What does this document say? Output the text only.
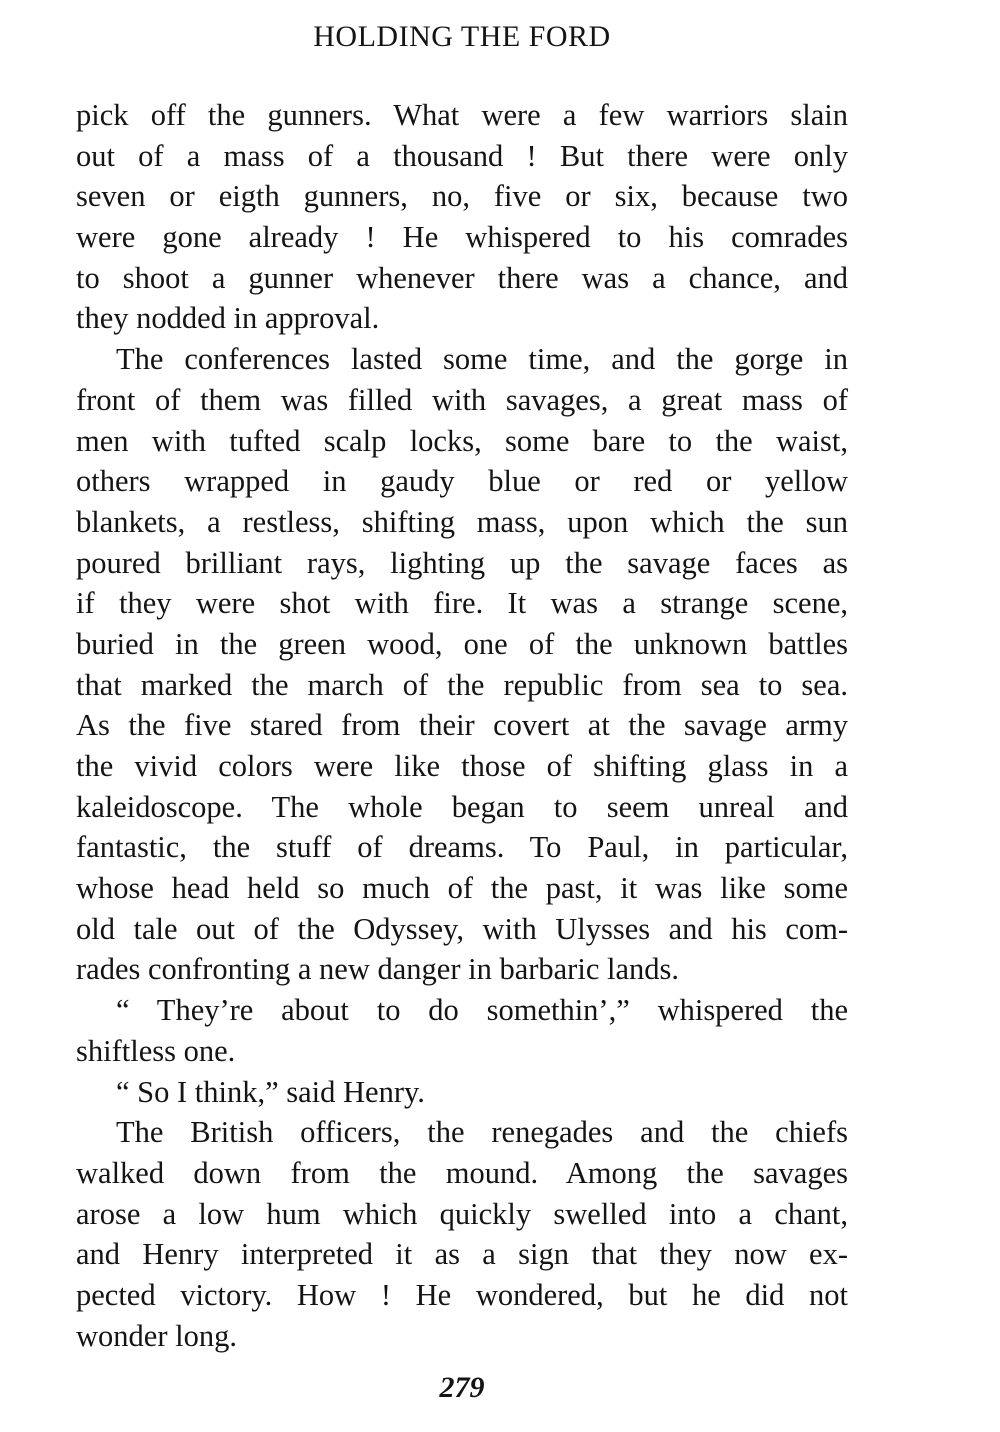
HOLDING THE FORD
pick off the gunners. What were a few warriors slain
out of a mass of a thousand ! But there were only
seven or eigth gunners, no, five or six, because two
were gone already ! He whispered to his comrades
to shoot a gunner whenever there was a chance, and
they nodded in approval.
The conferences lasted some time, and the gorge in
front of them was filled with savages, a great mass of
men with tufted scalp locks, some bare to the waist,
others wrapped in gaudy blue or red or yellow
blankets, a restless, shifting mass, upon which the sun
poured brilliant rays, lighting up the savage faces as
if they were shot with fire. It was a strange scene,
buried in the green wood, one of the unknown battles
that marked the march of the republic from sea to sea.
As the five stared from their covert at the savage army
the vivid colors were like those of shifting glass in a
kaleidoscope. The whole began to seem unreal and
fantastic, the stuff of dreams. To Paul, in particular,
whose head held so much of the past, it was like some
old tale out of the Odyssey, with Ulysses and his com-
rades confronting a new danger in barbaric lands.
“ They’re about to do somethin’,” whispered the
shiftless one.
“ So I think,” said Henry.
The British officers, the renegades and the chiefs
walked down from the mound. Among the savages
arose a low hum which quickly swelled into a chant,
and Henry interpreted it as a sign that they now ex-
pected victory. How ! He wondered, but he did not
wonder long.
279
